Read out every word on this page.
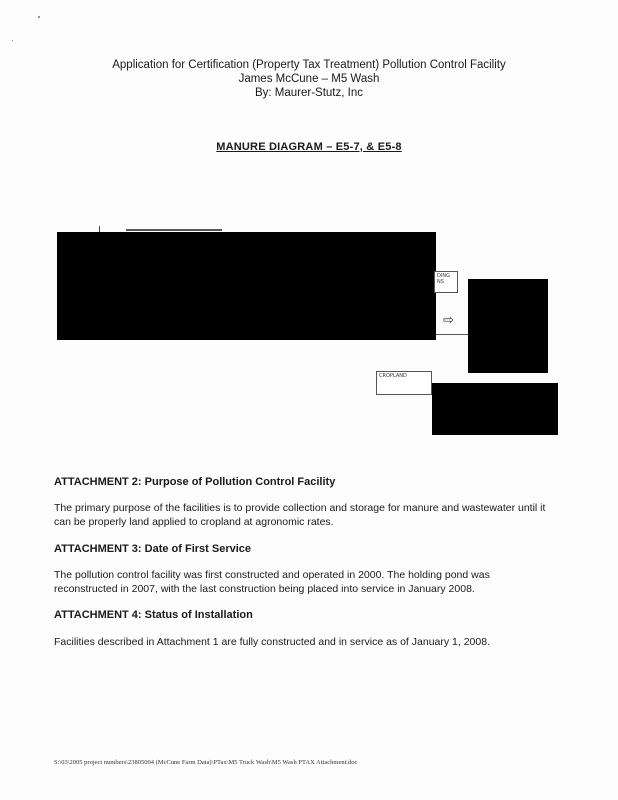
Application for Certification (Property Tax Treatment) Pollution Control Facility
James McCune – M5 Wash
By: Maurer-Stutz, Inc
MANURE DIAGRAM – E5-7, & E5-8
DING
NS
⇨
CROPLAND
ATTACHMENT 2: Purpose of Pollution Control Facility
The primary purpose of the facilities is to provide collection and storage for manure and wastewater until it can be properly land applied to cropland at agronomic rates.
ATTACHMENT 3: Date of First Service
The pollution control facility was first constructed and operated in 2000. The holding pond was reconstructed in 2007, with the last construction being placed into service in January 2008.
ATTACHMENT 4: Status of Installation
Facilities described in Attachment 1 are fully constructed and in service as of January 1, 2008.
S:\03\2005 project numbers\23805004 (McCune Farm Data)\PTax\M5 Truck Wash\M5 Wash PTAX Attachment.doc
